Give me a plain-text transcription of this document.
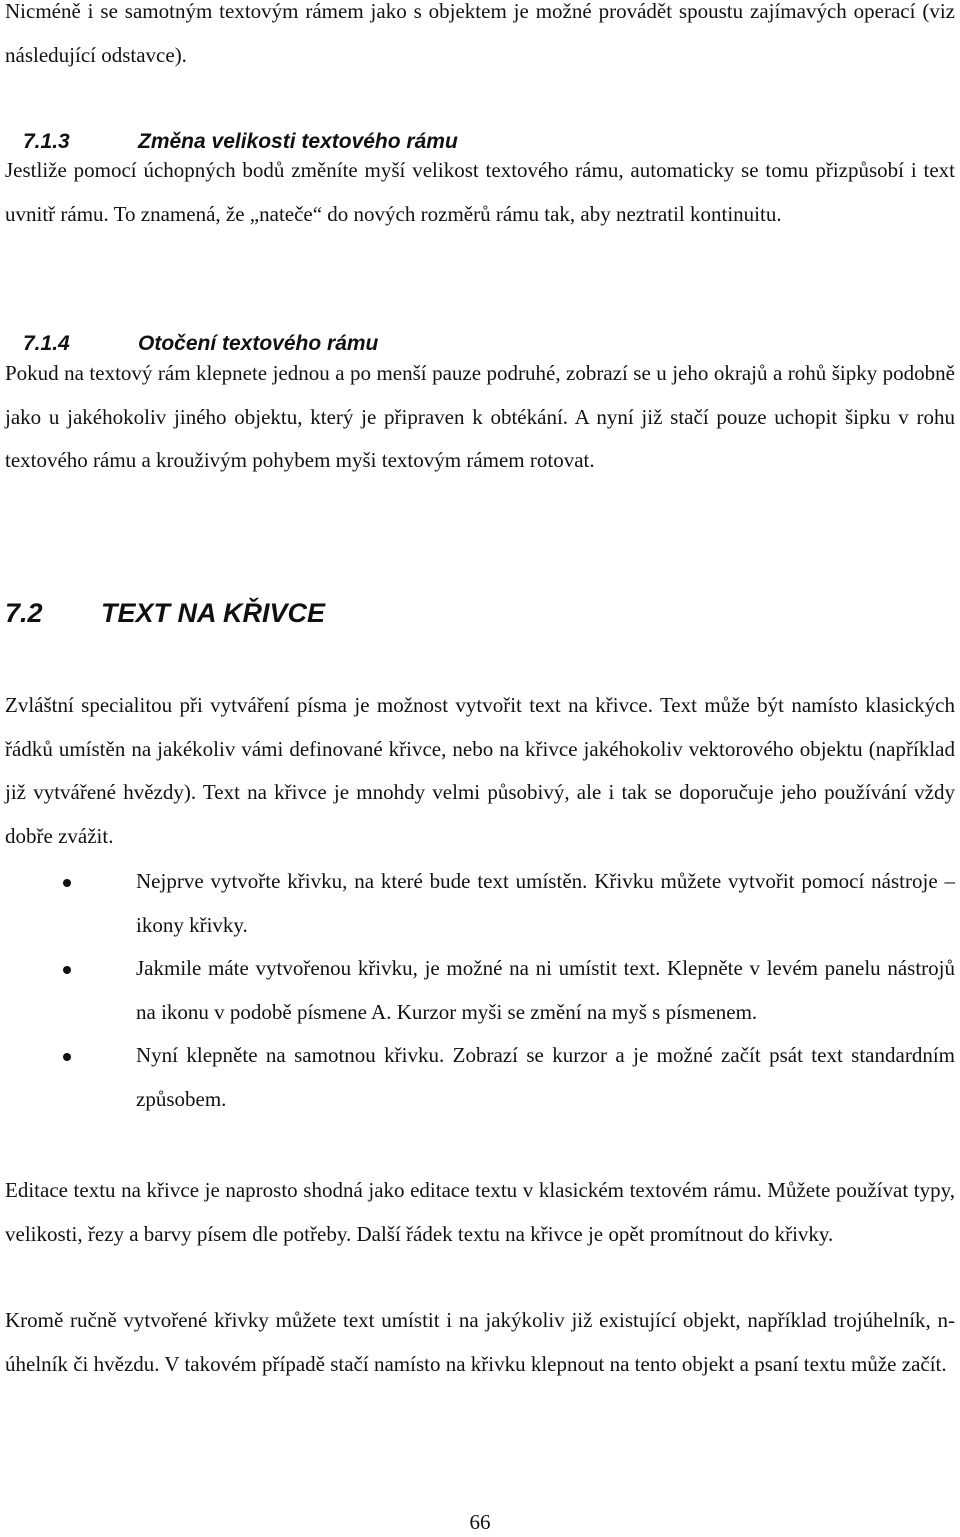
Nicméně i se samotným textovým rámem jako s objektem je možné provádět spoustu zajímavých operací (viz následující odstavce).

7.1.3	Změna velikosti textového rámu

Jestliže pomocí úchopných bodů změníte myší velikost textového rámu, automaticky se tomu přizpůsobí i text uvnitř rámu. To znamená, že „nateče“ do nových rozměrů rámu tak, aby neztratil kontinuitu.

7.1.4	Otočení textového rámu

Pokud na textový rám klepnete jednou a po menší pauze podruhé, zobrazí se u jeho okrajů a rohů šipky podobně jako u jakéhokoliv jiného objektu, který je připraven k obtékání. A nyní již stačí pouze uchopit šipku v rohu textového rámu a krouživým pohybem myši textovým rámem rotovat.

7.2 TEXT NA KŘIVCE

Zvláštní specialitou při vytváření písma je možnost vytvořit text na křivce. Text může být namísto klasických řádků umístěn na jakékoliv vámi definované křivce, nebo na křivce jakéhokoliv vektorového objektu (například již vytvářené hvězdy). Text na křivce je mnohdy velmi působivý, ale i tak se doporučuje jeho používání vždy dobře zvážit.

Nejprve vytvořte křivku, na které bude text umístěn. Křivku můžete vytvořit pomocí nástroje – ikony křivky.
Jakmile máte vytvořenou křivku, je možné na ni umístit text. Klepněte v levém panelu nástrojů na ikonu v podobě písmene A. Kurzor myši se změní na myš s písmenem.
Nyní klepněte na samotnou křivku. Zobrazí se kurzor a je možné začít psát text standardním způsobem.

Editace textu na křivce je naprosto shodná jako editace textu v klasickém textovém rámu. Můžete používat typy, velikosti, řezy a barvy písem dle potřeby. Další řádek textu na křivce je opět promítnout do křivky.

Kromě ručně vytvořené křivky můžete text umístit i na jakýkoliv již existující objekt, například trojúhelník, n-úhelník či hvězdu. V takovém případě stačí namísto na křivku klepnout na tento objekt a psaní textu může začít.

66
